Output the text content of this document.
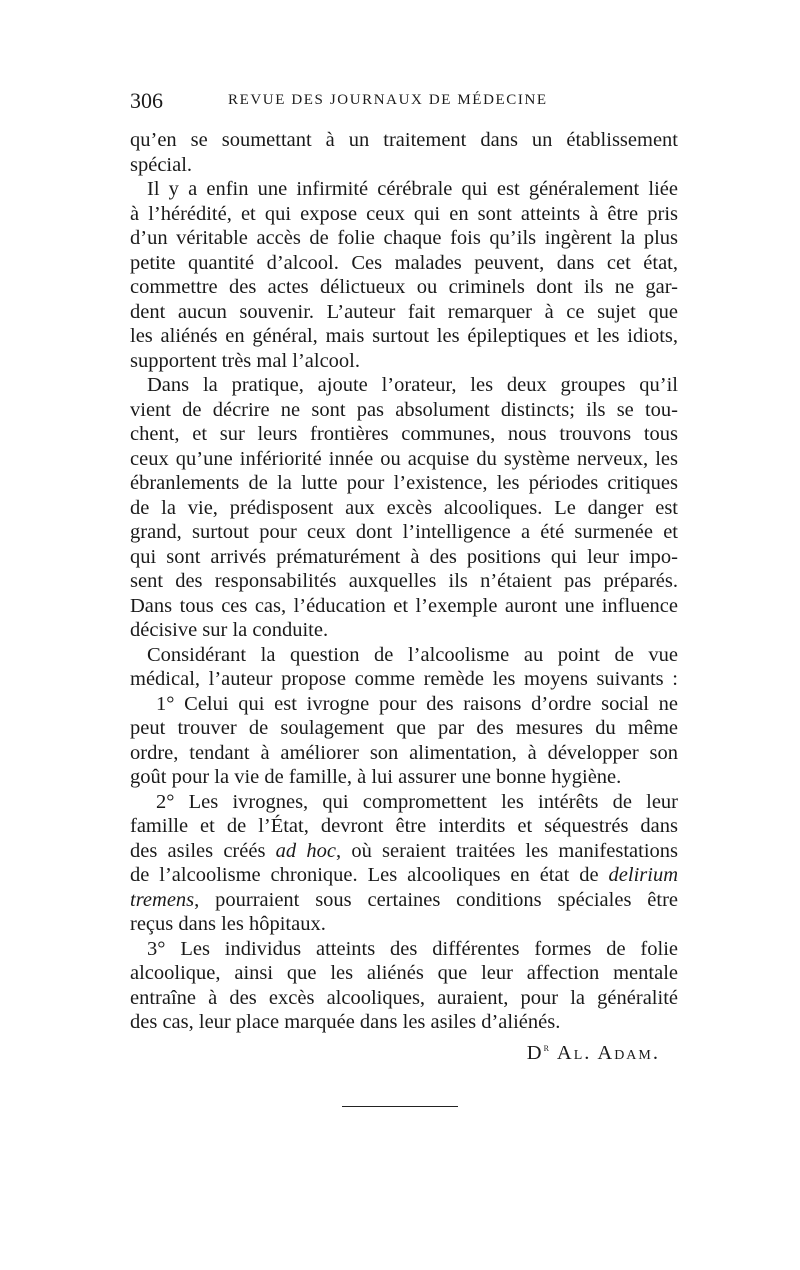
306	REVUE DES JOURNAUX DE MÉDECINE
qu’en se soumettant à un traitement dans un établissement
spécial.
Il y a enfin une infirmité cérébrale qui est généralement liée
à l’hérédité, et qui expose ceux qui en sont atteints à être pris
d’un véritable accès de folie chaque fois qu’ils ingèrent la plus
petite quantité d’alcool. Ces malades peuvent, dans cet état,
commettre des actes délictueux ou criminels dont ils ne gar-
dent aucun souvenir. L’auteur fait remarquer à ce sujet que
les aliénés en général, mais surtout les épileptiques et les idiots,
supportent très mal l’alcool.
Dans la pratique, ajoute l’orateur, les deux groupes qu’il
vient de décrire ne sont pas absolument distincts; ils se tou-
chent, et sur leurs frontières communes, nous trouvons tous
ceux qu’une infériorité innée ou acquise du système nerveux, les
ébranlements de la lutte pour l’existence, les périodes critiques
de la vie, prédisposent aux excès alcooliques. Le danger est
grand, surtout pour ceux dont l’intelligence a été surmenée et
qui sont arrivés prématurément à des positions qui leur impo-
sent des responsabilités auxquelles ils n’étaient pas préparés.
Dans tous ces cas, l’éducation et l’exemple auront une influence
décisive sur la conduite.
Considérant la question de l’alcoolisme au point de vue
médical, l’auteur propose comme remède les moyens suivants :
1° Celui qui est ivrogne pour des raisons d’ordre social ne
peut trouver de soulagement que par des mesures du même
ordre, tendant à améliorer son alimentation, à développer son
goût pour la vie de famille, à lui assurer une bonne hygiène.
2° Les ivrognes, qui compromettent les intérêts de leur
famille et de l’État, devront être interdits et séquestrés dans
des asiles créés ad hoc, où seraient traitées les manifestations
de l’alcoolisme chronique. Les alcooliques en état de delirium
tremens, pourraient sous certaines conditions spéciales être
reçus dans les hôpitaux.
3° Les individus atteints des différentes formes de folie
alcoolique, ainsi que les aliénés que leur affection mentale
entraîne à des excès alcooliques, auraient, pour la généralité
des cas, leur place marquée dans les asiles d’aliénés.
$D^r$ Al. Adam.
